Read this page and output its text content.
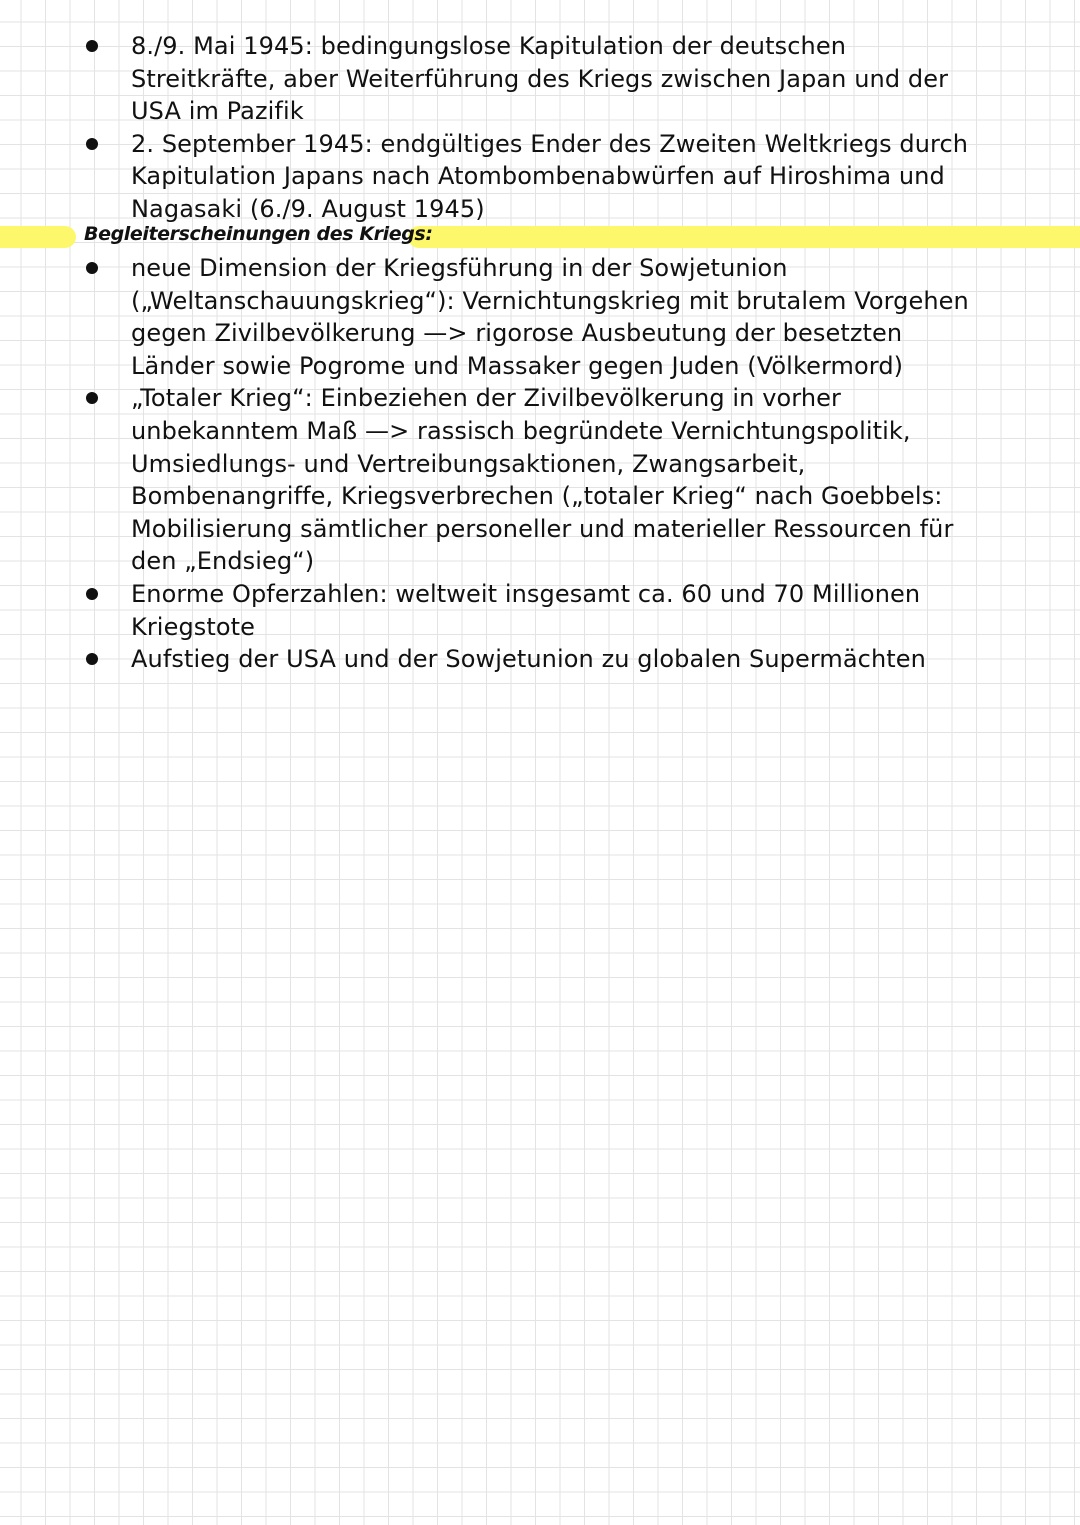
8./9. Mai 1945: bedingungslose Kapitulation der deutschen Streitkräfte, aber Weiterführung des Kriegs zwischen Japan und der USA im Pazifik
2. September 1945: endgültiges Ender des Zweiten Weltkriegs durch Kapitulation Japans nach Atombombenabwürfen auf Hiroshima und Nagasaki (6./9. August 1945)
Begleiterscheinungen des Kriegs:
neue Dimension der Kriegsführung in der Sowjetunion („Weltanschauungskrieg“): Vernichtungskrieg mit brutalem Vorgehen gegen Zivilbevölkerung —> rigorose Ausbeutung der besetzten Länder sowie Pogrome und Massaker gegen Juden (Völkermord)
„Totaler Krieg“: Einbeziehen der Zivilbevölkerung in vorher unbekanntem Maß —> rassisch begründete Vernichtungspolitik, Umsiedlungs- und Vertreibungsaktionen, Zwangsarbeit, Bombenangriffe, Kriegsverbrechen („totaler Krieg“ nach Goebbels: Mobilisierung sämtlicher personeller und materieller Ressourcen für den „Endsieg“)
Enorme Opferzahlen: weltweit insgesamt ca. 60 und 70 Millionen Kriegstote
Aufstieg der USA und der Sowjetunion zu globalen Supermächten
